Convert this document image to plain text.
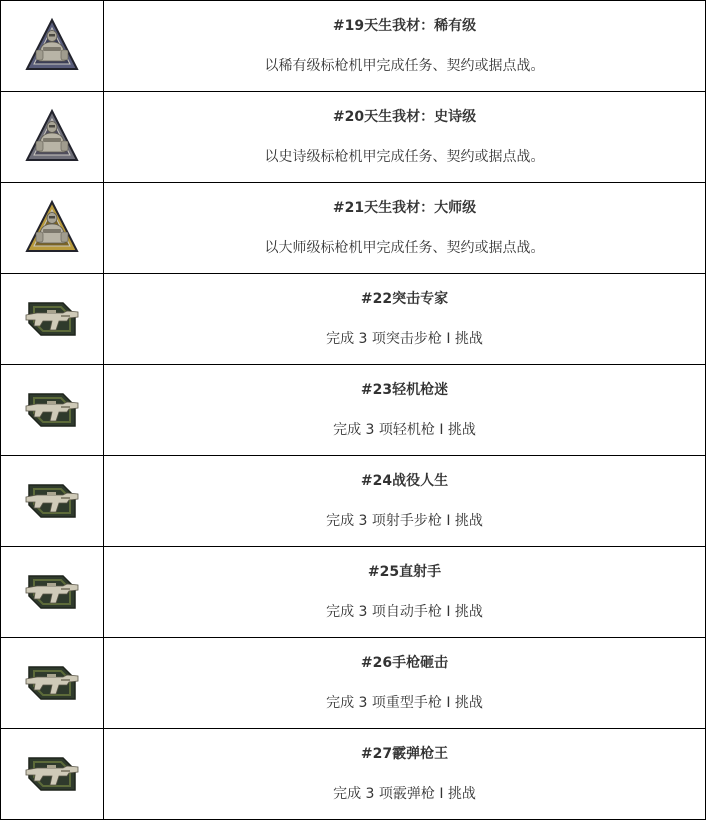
#19天生我材：稀有级
以稀有级标枪机甲完成任务、契约或据点战。

#20天生我材：史诗级
以史诗级标枪机甲完成任务、契约或据点战。

#21天生我材：大师级
以大师级标枪机甲完成任务、契约或据点战。

#22突击专家
完成 3 项突击步枪 I 挑战

#23轻机枪迷
完成 3 项轻机枪 I 挑战

#24战役人生
完成 3 项射手步枪 I 挑战

#25直射手
完成 3 项自动手枪 I 挑战

#26手枪砸击
完成 3 项重型手枪 I 挑战

#27霰弹枪王
完成 3 项霰弹枪 I 挑战
